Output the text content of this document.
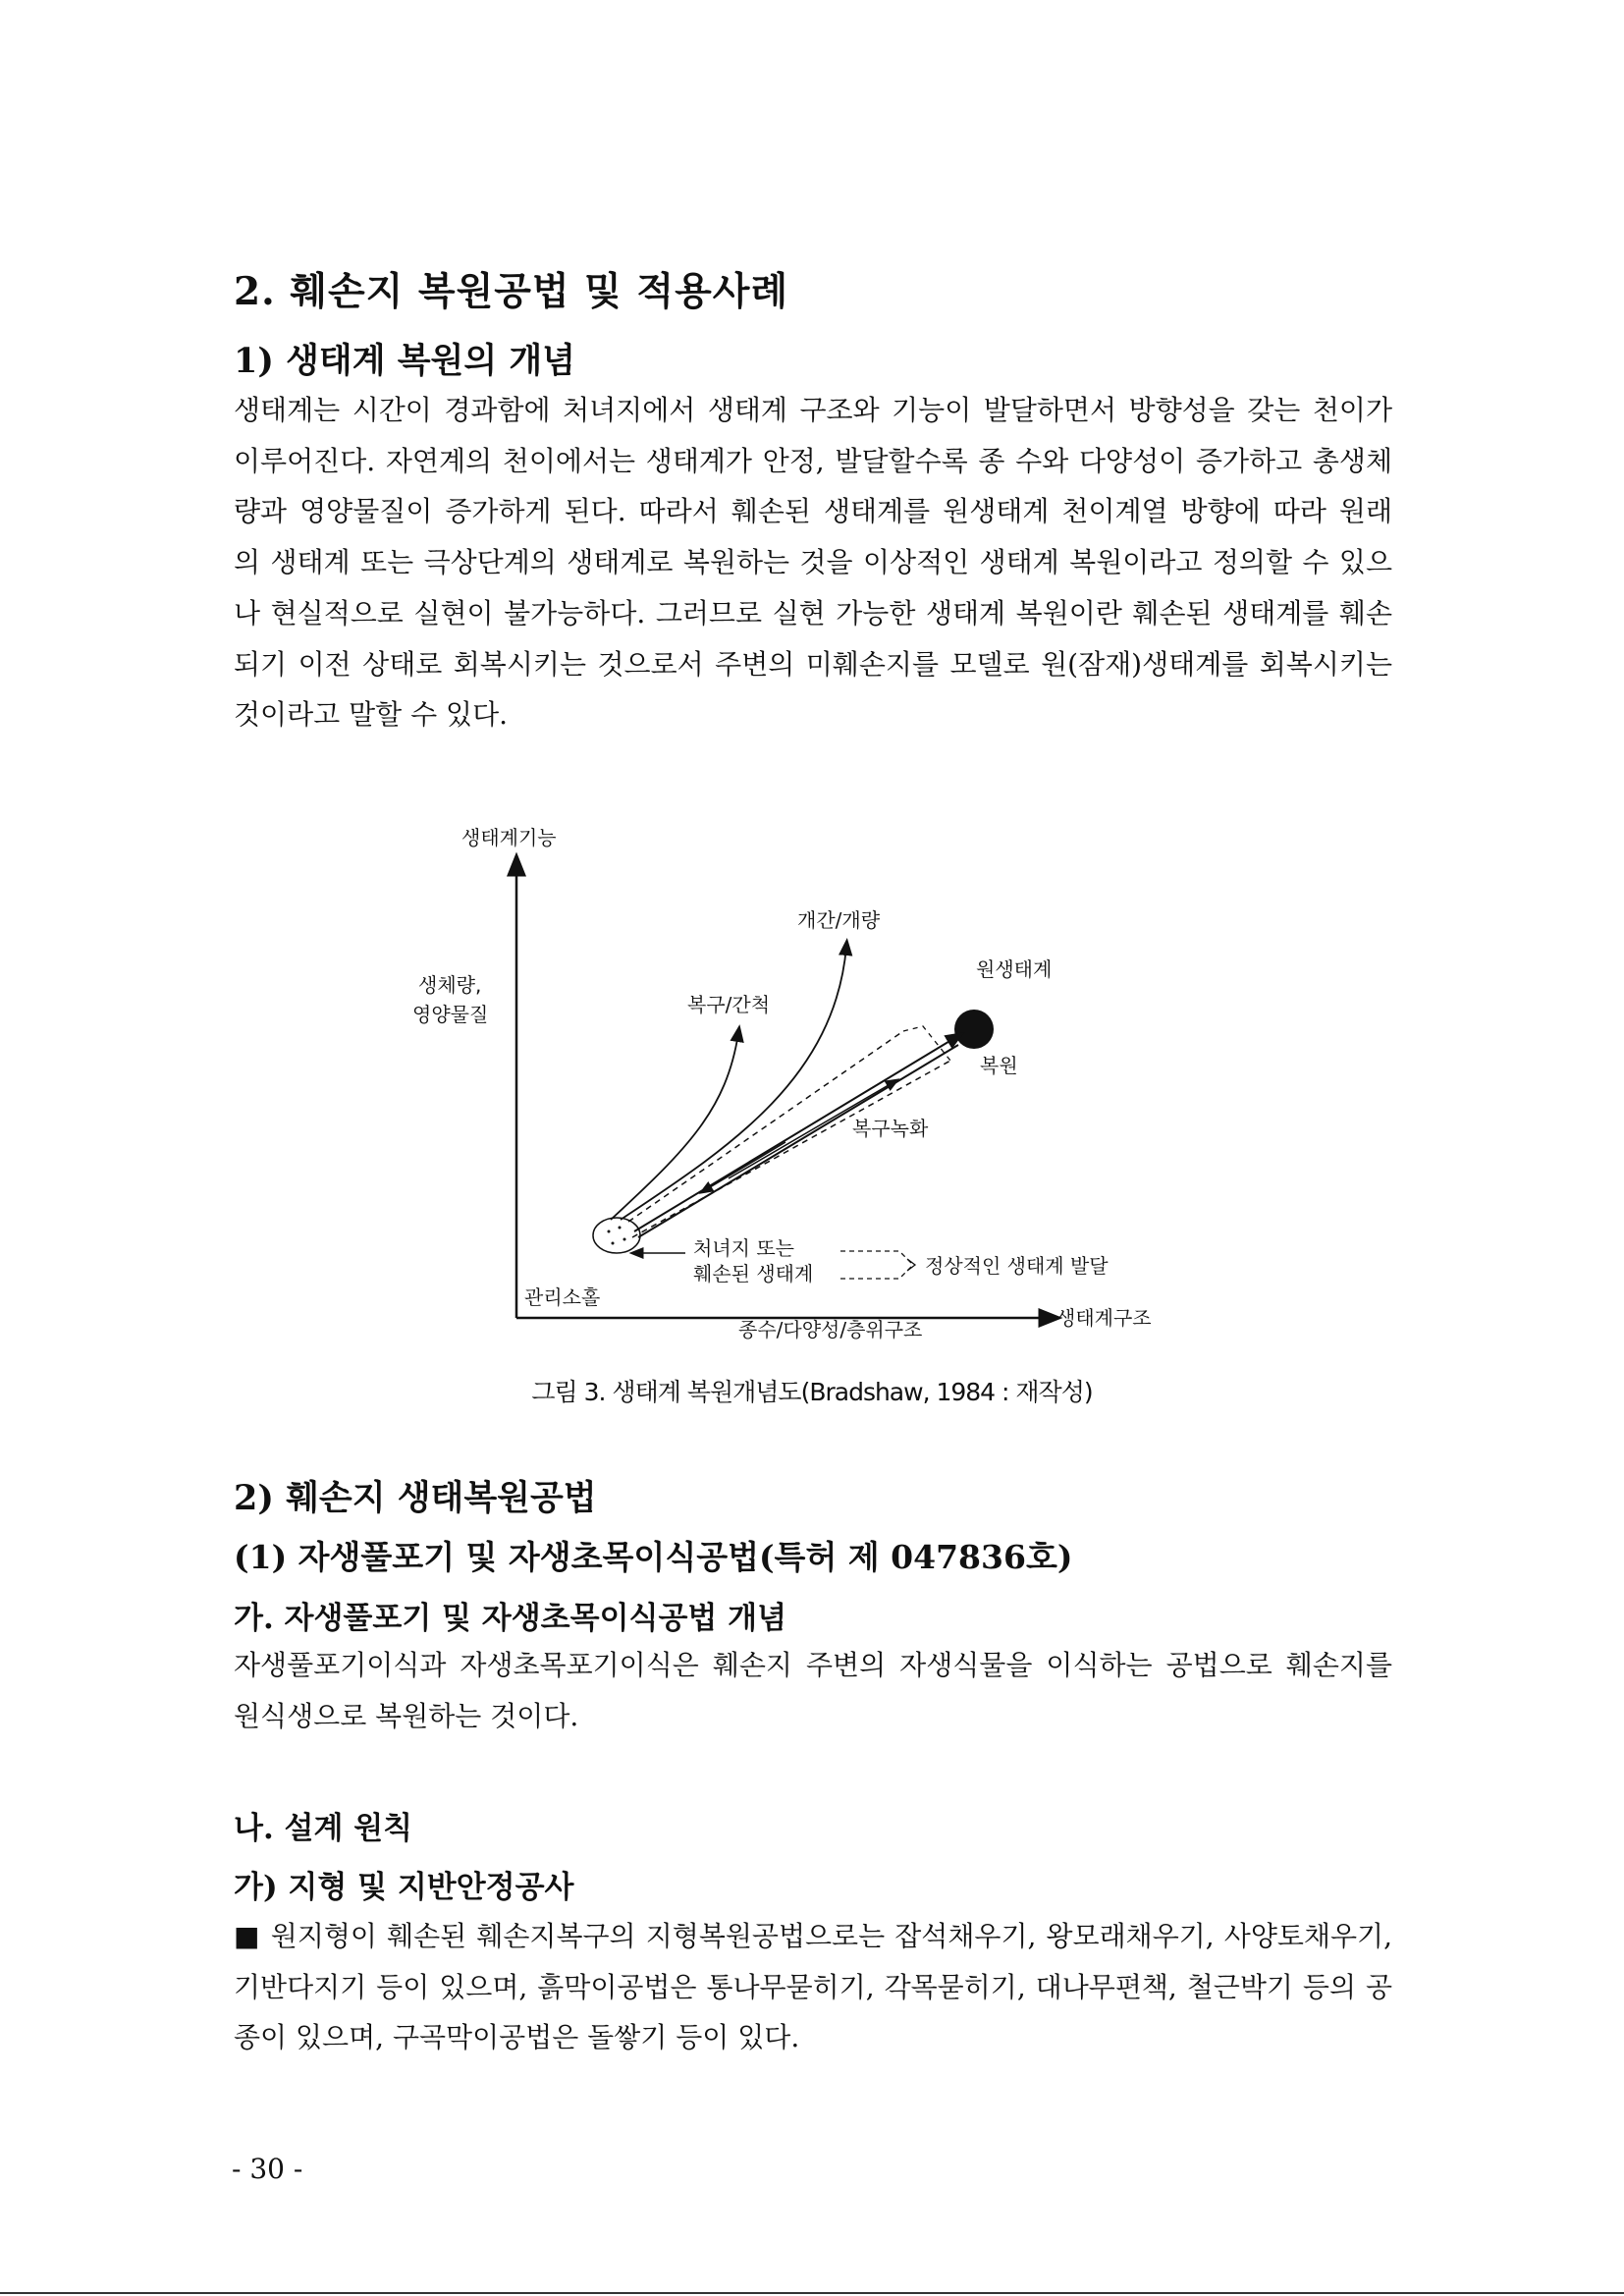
2. 훼손지 복원공법 및 적용사례
1) 생태계 복원의 개념

생태계는 시간이 경과함에 처녀지에서 생태계 구조와 기능이 발달하면서 방향성을 갖는 천이가
이루어진다. 자연계의 천이에서는 생태계가 안정, 발달할수록 종 수와 다양성이 증가하고 총생체
량과 영양물질이 증가하게 된다. 따라서 훼손된 생태계를 원생태계 천이계열 방향에 따라 원래
의 생태계 또는 극상단계의 생태계로 복원하는 것을 이상적인 생태계 복원이라고 정의할 수 있으
나 현실적으로 실현이 불가능하다. 그러므로 실현 가능한 생태계 복원이란 훼손된 생태계를 훼손
되기 이전 상태로 회복시키는 것으로서 주변의 미훼손지를 모델로 원(잠재)생태계를 회복시키는
것이라고 말할 수 있다.

생태계기능
생체량,
영양물질
생태계구조
종수/다양성/층위구조
개간/개량
원생태계
복구/간척
복원
복구녹화
처녀지 또는
훼손된 생태계	정상적인 생태계 발달
관리소홀
그림 3. 생태계 복원개념도(Bradshaw, 1984 : 재작성)
2) 훼손지 생태복원공법
(1) 자생풀포기 및 자생초목이식공법(특허 제 047836호)
가. 자생풀포기 및 자생초목이식공법 개념

자생풀포기이식과 자생초목포기이식은 훼손지 주변의 자생식물을 이식하는 공법으로 훼손지를
원식생으로 복원하는 것이다.

나. 설계 원칙
가) 지형 및 지반안정공사

■ 원지형이 훼손된 훼손지복구의 지형복원공법으로는 잡석채우기, 왕모래채우기, 사양토채우기,
기반다지기 등이 있으며, 흙막이공법은 통나무묻히기, 각목묻히기, 대나무편책, 철근박기 등의 공
종이 있으며, 구곡막이공법은 돌쌓기 등이 있다.

- 30 -
